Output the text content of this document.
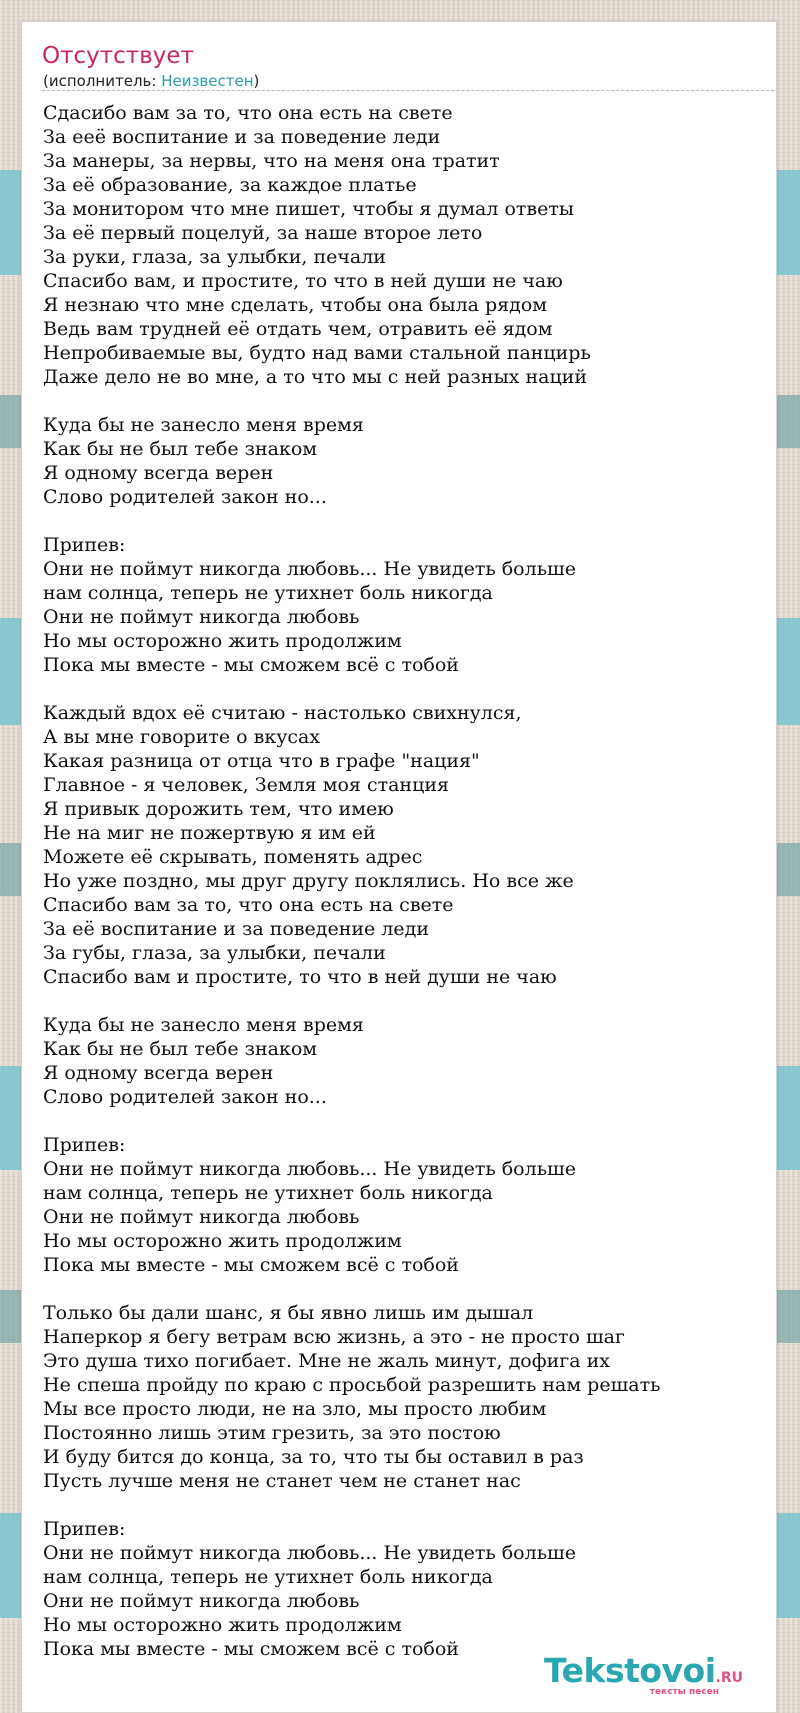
Отсутствует
(исполнитель: Неизвестен)
Сдасибо вам за то, что она есть на свете
За ееё воспитание и за поведение леди
За манеры, за нервы, что на меня она тратит
За её образование, за каждое платье
За монитором что мне пишет, чтобы я думал ответы
За её первый поцелуй, за наше второе лето
За руки, глаза, за улыбки, печали
Спасибо вам, и простите, то что в ней души не чаю
Я незнаю что мне сделать, чтобы она была рядом
Ведь вам трудней её отдать чем, отравить её ядом
Непробиваемые вы, будто над вами стальной панцирь
Даже дело не во мне, а то что мы с ней разных наций
Куда бы не занесло меня время
Как бы не был тебе знаком
Я одному всегда верен
Слово родителей закон но...
Припев:
Они не поймут никогда любовь... Не увидеть больше
нам солнца, теперь не утихнет боль никогда
Они не поймут никогда любовь
Но мы осторожно жить продолжим
Пока мы вместе - мы сможем всё с тобой
Каждый вдох её считаю - настолько свихнулся,
А вы мне говорите о вкусах
Какая разница от отца что в графе "нация"
Главное - я человек, Земля моя станция
Я привык дорожить тем, что имею
Не на миг не пожертвую я им ей
Можете её скрывать, поменять адрес
Но уже поздно, мы друг другу поклялись. Но все же
Спасибо вам за то, что она есть на свете
За её воспитание и за поведение леди
За губы, глаза, за улыбки, печали
Спасибо вам и простите, то что в ней души не чаю
Куда бы не занесло меня время
Как бы не был тебе знаком
Я одному всегда верен
Слово родителей закон но...
Припев:
Они не поймут никогда любовь... Не увидеть больше
нам солнца, теперь не утихнет боль никогда
Они не поймут никогда любовь
Но мы осторожно жить продолжим
Пока мы вместе - мы сможем всё с тобой
Только бы дали шанс, я бы явно лишь им дышал
Наперкор я бегу ветрам всю жизнь, а это - не просто шаг
Это душа тихо погибает. Мне не жаль минут, дофига их
Не спеша пройду по краю с просьбой разрешить нам решать
Мы все просто люди, не на зло, мы просто любим
Постоянно лишь этим грезить, за это постою
И буду бится до конца, за то, что ты бы оставил в раз
Пусть лучше меня не станет чем не станет нас
Припев:
Они не поймут никогда любовь... Не увидеть больше
нам солнца, теперь не утихнет боль никогда
Они не поймут никогда любовь
Но мы осторожно жить продолжим
Пока мы вместе - мы сможем всё с тобой
Tekstovoi.RU
тексты песен
